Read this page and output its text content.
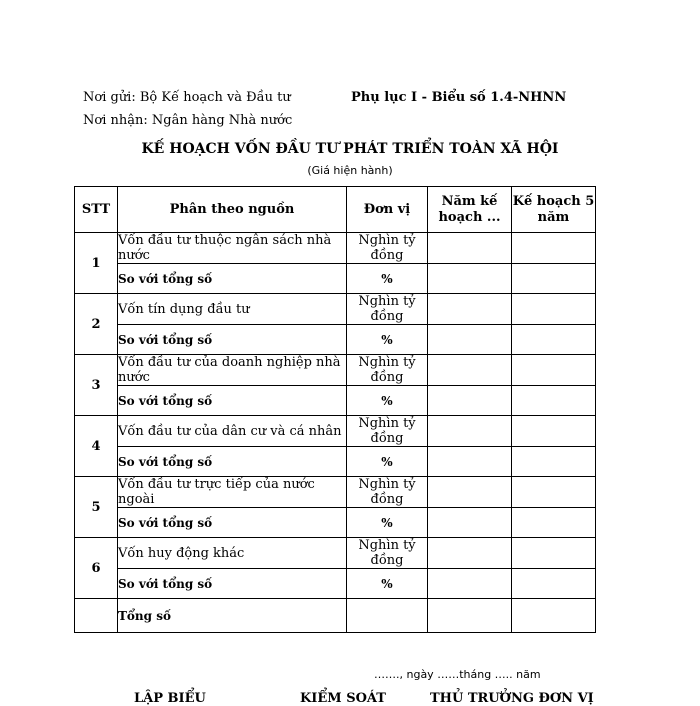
Nơi gửi: Bộ Kế hoạch và Đầu tư
Nơi nhận: Ngân hàng Nhà nước
Phụ lục I - Biểu số 1.4-NHNN
KẾ HOẠCH VỐN ĐẦU TƯ PHÁT TRIỂN TOÀN XÃ HỘI
(Giá hiện hành)
STT	Phân theo nguồn	Đơn vị	Năm kế hoạch ...	Kế hoạch 5 năm
1	Vốn đầu tư thuộc ngân sách nhà nước	Nghìn tỷ đồng		
	So với tổng số	%		
2	Vốn tín dụng đầu tư	Nghìn tỷ đồng		
	So với tổng số	%		
3	Vốn đầu tư của doanh nghiệp nhà nước	Nghìn tỷ đồng		
	So với tổng số	%		
4	Vốn đầu tư của dân cư và cá nhân	Nghìn tỷ đồng		
	So với tổng số	%		
5	Vốn đầu tư trực tiếp của nước ngoài	Nghìn tỷ đồng		
	So với tổng số	%		
6	Vốn huy động khác	Nghìn tỷ đồng		
	So với tổng số	%		
	Tổng số			
……., ngày ……tháng ….. năm
LẬP BIỂU	KIỂM SOÁT	THỦ TRƯỞNG ĐƠN VỊ
